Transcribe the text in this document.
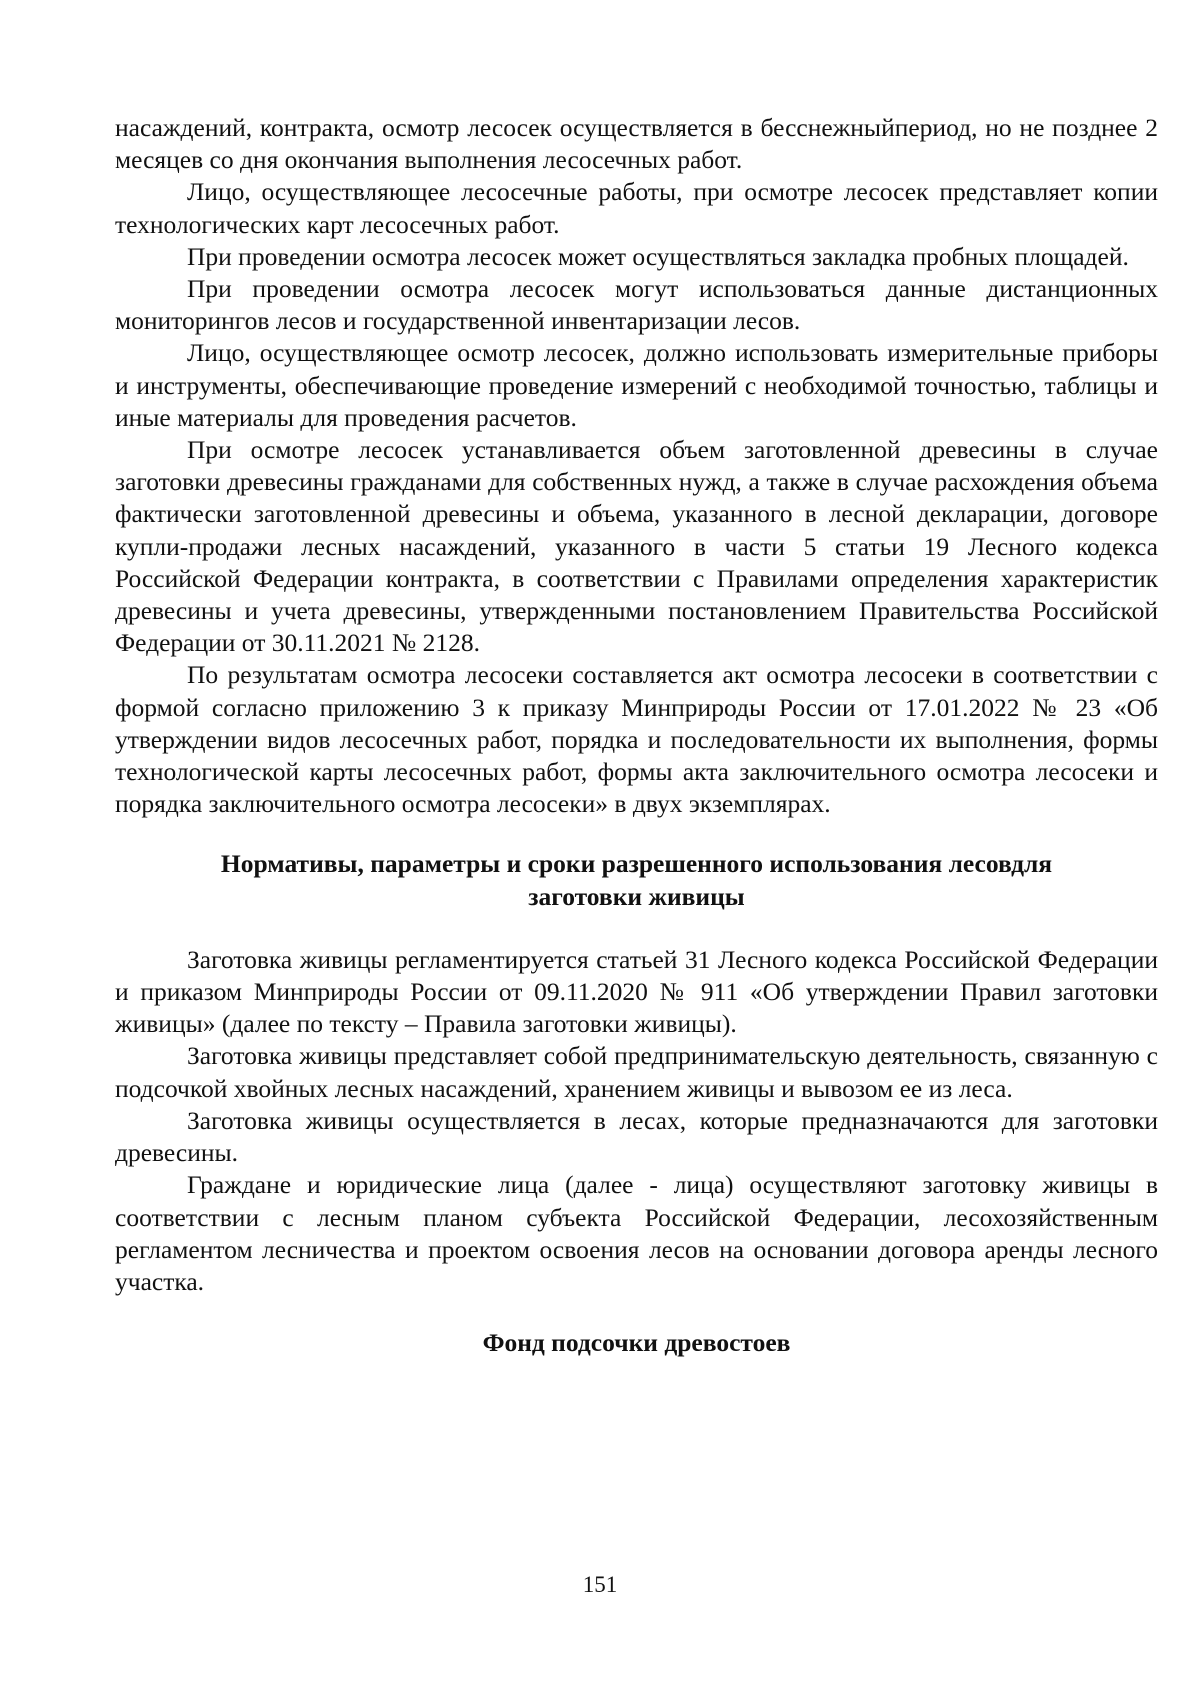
насаждений, контракта, осмотр лесосек осуществляется в бесснежныйпериод, но не позднее 2 месяцев со дня окончания выполнения лесосечных работ.

Лицо, осуществляющее лесосечные работы, при осмотре лесосек представляет копии технологических карт лесосечных работ.

При проведении осмотра лесосек может осуществляться закладка пробных площадей.

При проведении осмотра лесосек могут использоваться данные дистанционных мониторингов лесов и государственной инвентаризации лесов.

Лицо, осуществляющее осмотр лесосек, должно использовать измерительные приборы и инструменты, обеспечивающие проведение измерений с необходимой точностью, таблицы и иные материалы для проведения расчетов.

При осмотре лесосек устанавливается объем заготовленной древесины в случае заготовки древесины гражданами для собственных нужд, а также в случае расхождения объема фактически заготовленной древесины и объема, указанного в лесной декларации, договоре купли-продажи лесных насаждений, указанного в части 5 статьи 19 Лесного кодекса Российской Федерации контракта, в соответствии с Правилами определения характеристик древесины и учета древесины, утвержденными постановлением Правительства Российской Федерации от 30.11.2021 № 2128.

По результатам осмотра лесосеки составляется акт осмотра лесосеки в соответствии с формой согласно приложению 3 к приказу Минприроды России от 17.01.2022 № 23 «Об утверждении видов лесосечных работ, порядка и последовательности их выполнения, формы технологической карты лесосечных работ, формы акта заключительного осмотра лесосеки и порядка заключительного осмотра лесосеки» в двух экземплярах.

Нормативы, параметры и сроки разрешенного использования лесовдля
заготовки живицы

Заготовка живицы регламентируется статьей 31 Лесного кодекса Российской Федерации и приказом Минприроды России от 09.11.2020 № 911 «Об утверждении Правил заготовки живицы» (далее по тексту – Правила заготовки живицы).

Заготовка живицы представляет собой предпринимательскую деятельность, связанную с подсочкой хвойных лесных насаждений, хранением живицы и вывозом ее из леса.

Заготовка живицы осуществляется в лесах, которые предназначаются для заготовки древесины.

Граждане и юридические лица (далее - лица) осуществляют заготовку живицы в соответствии с лесным планом субъекта Российской Федерации, лесохозяйственным регламентом лесничества и проектом освоения лесов на основании договора аренды лесного участка.

Фонд подсочки древостоев

151
